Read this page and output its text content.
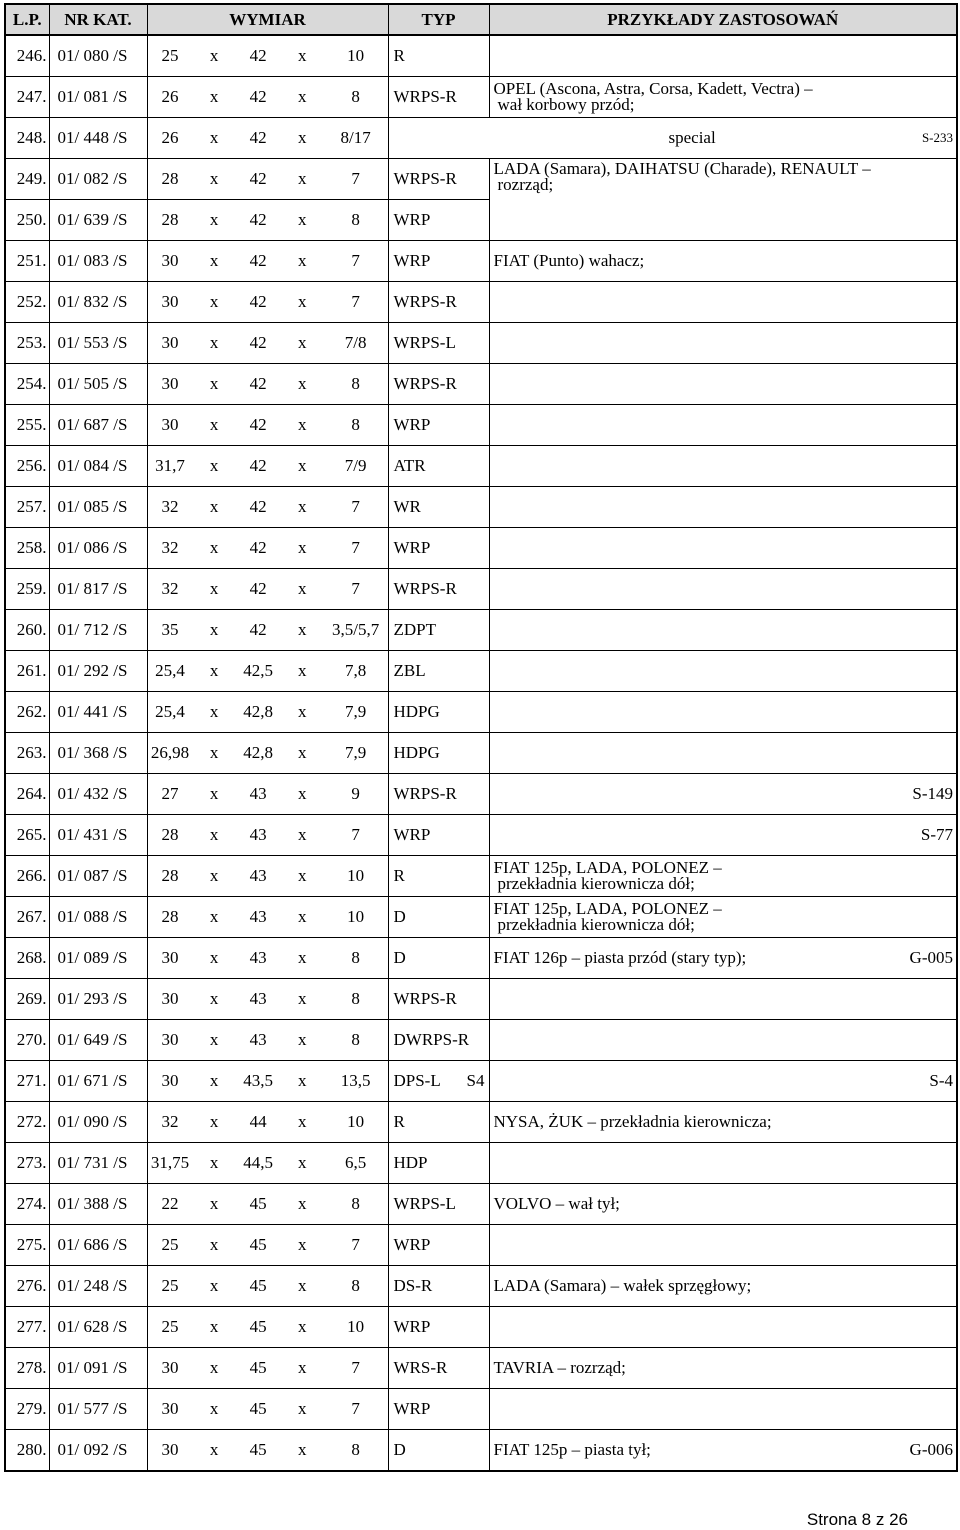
L.P.	NR KAT.	WYMIAR	TYP	PRZYKŁADY ZASTOSOWAŃ
246.	01/ 080 /S	25 x 42 x 10	R	
247.	01/ 081 /S	26 x 42 x 8	WRPS-R	OPEL (Ascona, Astra, Corsa, Kadett, Vectra) –
wał korbowy przód;

248.	01/ 448 /S	26 x 42 x 8/17	special S-233	

249.	01/ 082 /S	28 x 42 x 7	WRPS-R	LADA (Samara), DAIHATSU (Charade), RENAULT –
rozrząd;

250.	01/ 639 /S	28 x 42 x 8	WRP	
251.	01/ 083 /S	30 x 42 x 7	WRP	FIAT (Punto) wahacz;

252.	01/ 832 /S	30 x 42 x 7	WRPS-R	

253.	01/ 553 /S	30 x 42 x 7/8	WRPS-L	

254.	01/ 505 /S	30 x 42 x 8	WRPS-R	

255.	01/ 687 /S	30 x 42 x 8	WRP	

256.	01/ 084 /S	31,7 x 42 x 7/9	ATR	

257.	01/ 085 /S	32 x 42 x 7	WR	

258.	01/ 086 /S	32 x 42 x 7	WRP	

259.	01/ 817 /S	32 x 42 x 7	WRPS-R	

260.	01/ 712 /S	35 x 42 x 3,5/5,7	ZDPT	

261.	01/ 292 /S	25,4 x 42,5 x 7,8	ZBL	

262.	01/ 441 /S	25,4 x 42,8 x 7,9	HDPG	

263.	01/ 368 /S	26,98 x 42,8 x 7,9	HDPG	

264.	01/ 432 /S	27 x 43 x 9	WRPS-R	S-149

265.	01/ 431 /S	28 x 43 x 7	WRP	S-77

266.	01/ 087 /S	28 x 43 x 10	R	FIAT 125p, LADA, POLONEZ –
przekładnia kierownicza dół;

267.	01/ 088 /S	28 x 43 x 10	D	FIAT 125p, LADA, POLONEZ –
przekładnia kierownicza dół;

268.	01/ 089 /S	30 x 43 x 8	D	FIAT 126p – piasta przód (stary typ); G-005

269.	01/ 293 /S	30 x 43 x 8	WRPS-R	

270.	01/ 649 /S	30 x 43 x 8	DWRPS-R	

271.	01/ 671 /S	30 x 43,5 x 13,5	DPS-L S4	S-4

272.	01/ 090 /S	32 x 44 x 10	R	NYSA, ŻUK – przekładnia kierownicza;

273.	01/ 731 /S	31,75 x 44,5 x 6,5	HDP	

274.	01/ 388 /S	22 x 45 x 8	WRPS-L	VOLVO – wał tył;

275.	01/ 686 /S	25 x 45 x 7	WRP	

276.	01/ 248 /S	25 x 45 x 8	DS-R	LADA (Samara) – wałek sprzęgłowy;

277.	01/ 628 /S	25 x 45 x 10	WRP	

278.	01/ 091 /S	30 x 45 x 7	WRS-R	TAVRIA – rozrząd;

279.	01/ 577 /S	30 x 45 x 7	WRP	

280.	01/ 092 /S	30 x 45 x 8	D	FIAT 125p – piasta tył; G-006
Strona 8 z 26
